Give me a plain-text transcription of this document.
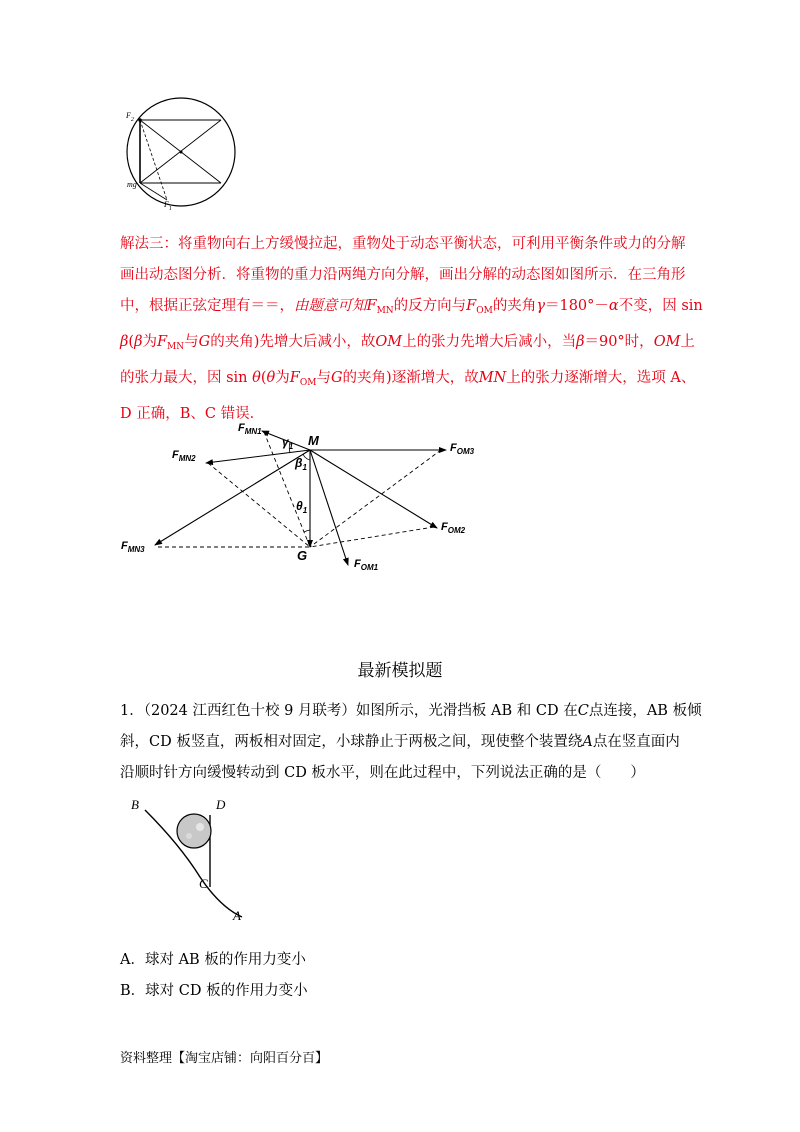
$F_2$
mg
$F_1$
解法三：将重物向右上方缓慢拉起，重物处于动态平衡状态，可利用平衡条件或力的分解
画出动态图分析．将重物的重力沿两绳方向分解，画出分解的动态图如图所示．在三角形
中，根据正弦定理有＝＝，由题意可知$F_{MN}$的反方向与$F_{OM}$的夹角γ＝180°－α不变，因 sin
β(β为$F_{MN}$与G的夹角)先增大后减小，故OM上的张力先增大后减小，当β＝90°时，OM上
的张力最大，因 sin θ(θ为$F_{OM}$与G的夹角)逐渐增大，故MN上的张力逐渐增大，选项 A、
D 正确，B、C 错误．
$F_{MN1}$
$\gamma_1$ M	$F_{OM3}$
$F_{MN2}$	$\beta_1$
$\theta_1$
$F_{OM2}$
$F_{MN3}$	G
$F_{OM1}$
最新模拟题
1．（2024 江西红色十校 9 月联考）如图所示，光滑挡板 AB 和 CD 在C点连接，AB 板倾
斜，CD 板竖直，两板相对固定，小球静止于两极之间，现使整个装置绕A点在竖直面内
沿顺时针方向缓慢转动到 CD 板水平，则在此过程中，下列说法正确的是（　　）
B	D
C
A
A．球对 AB 板的作用力变小
B．球对 CD 板的作用力变小
资料整理【淘宝店铺：向阳百分百】
